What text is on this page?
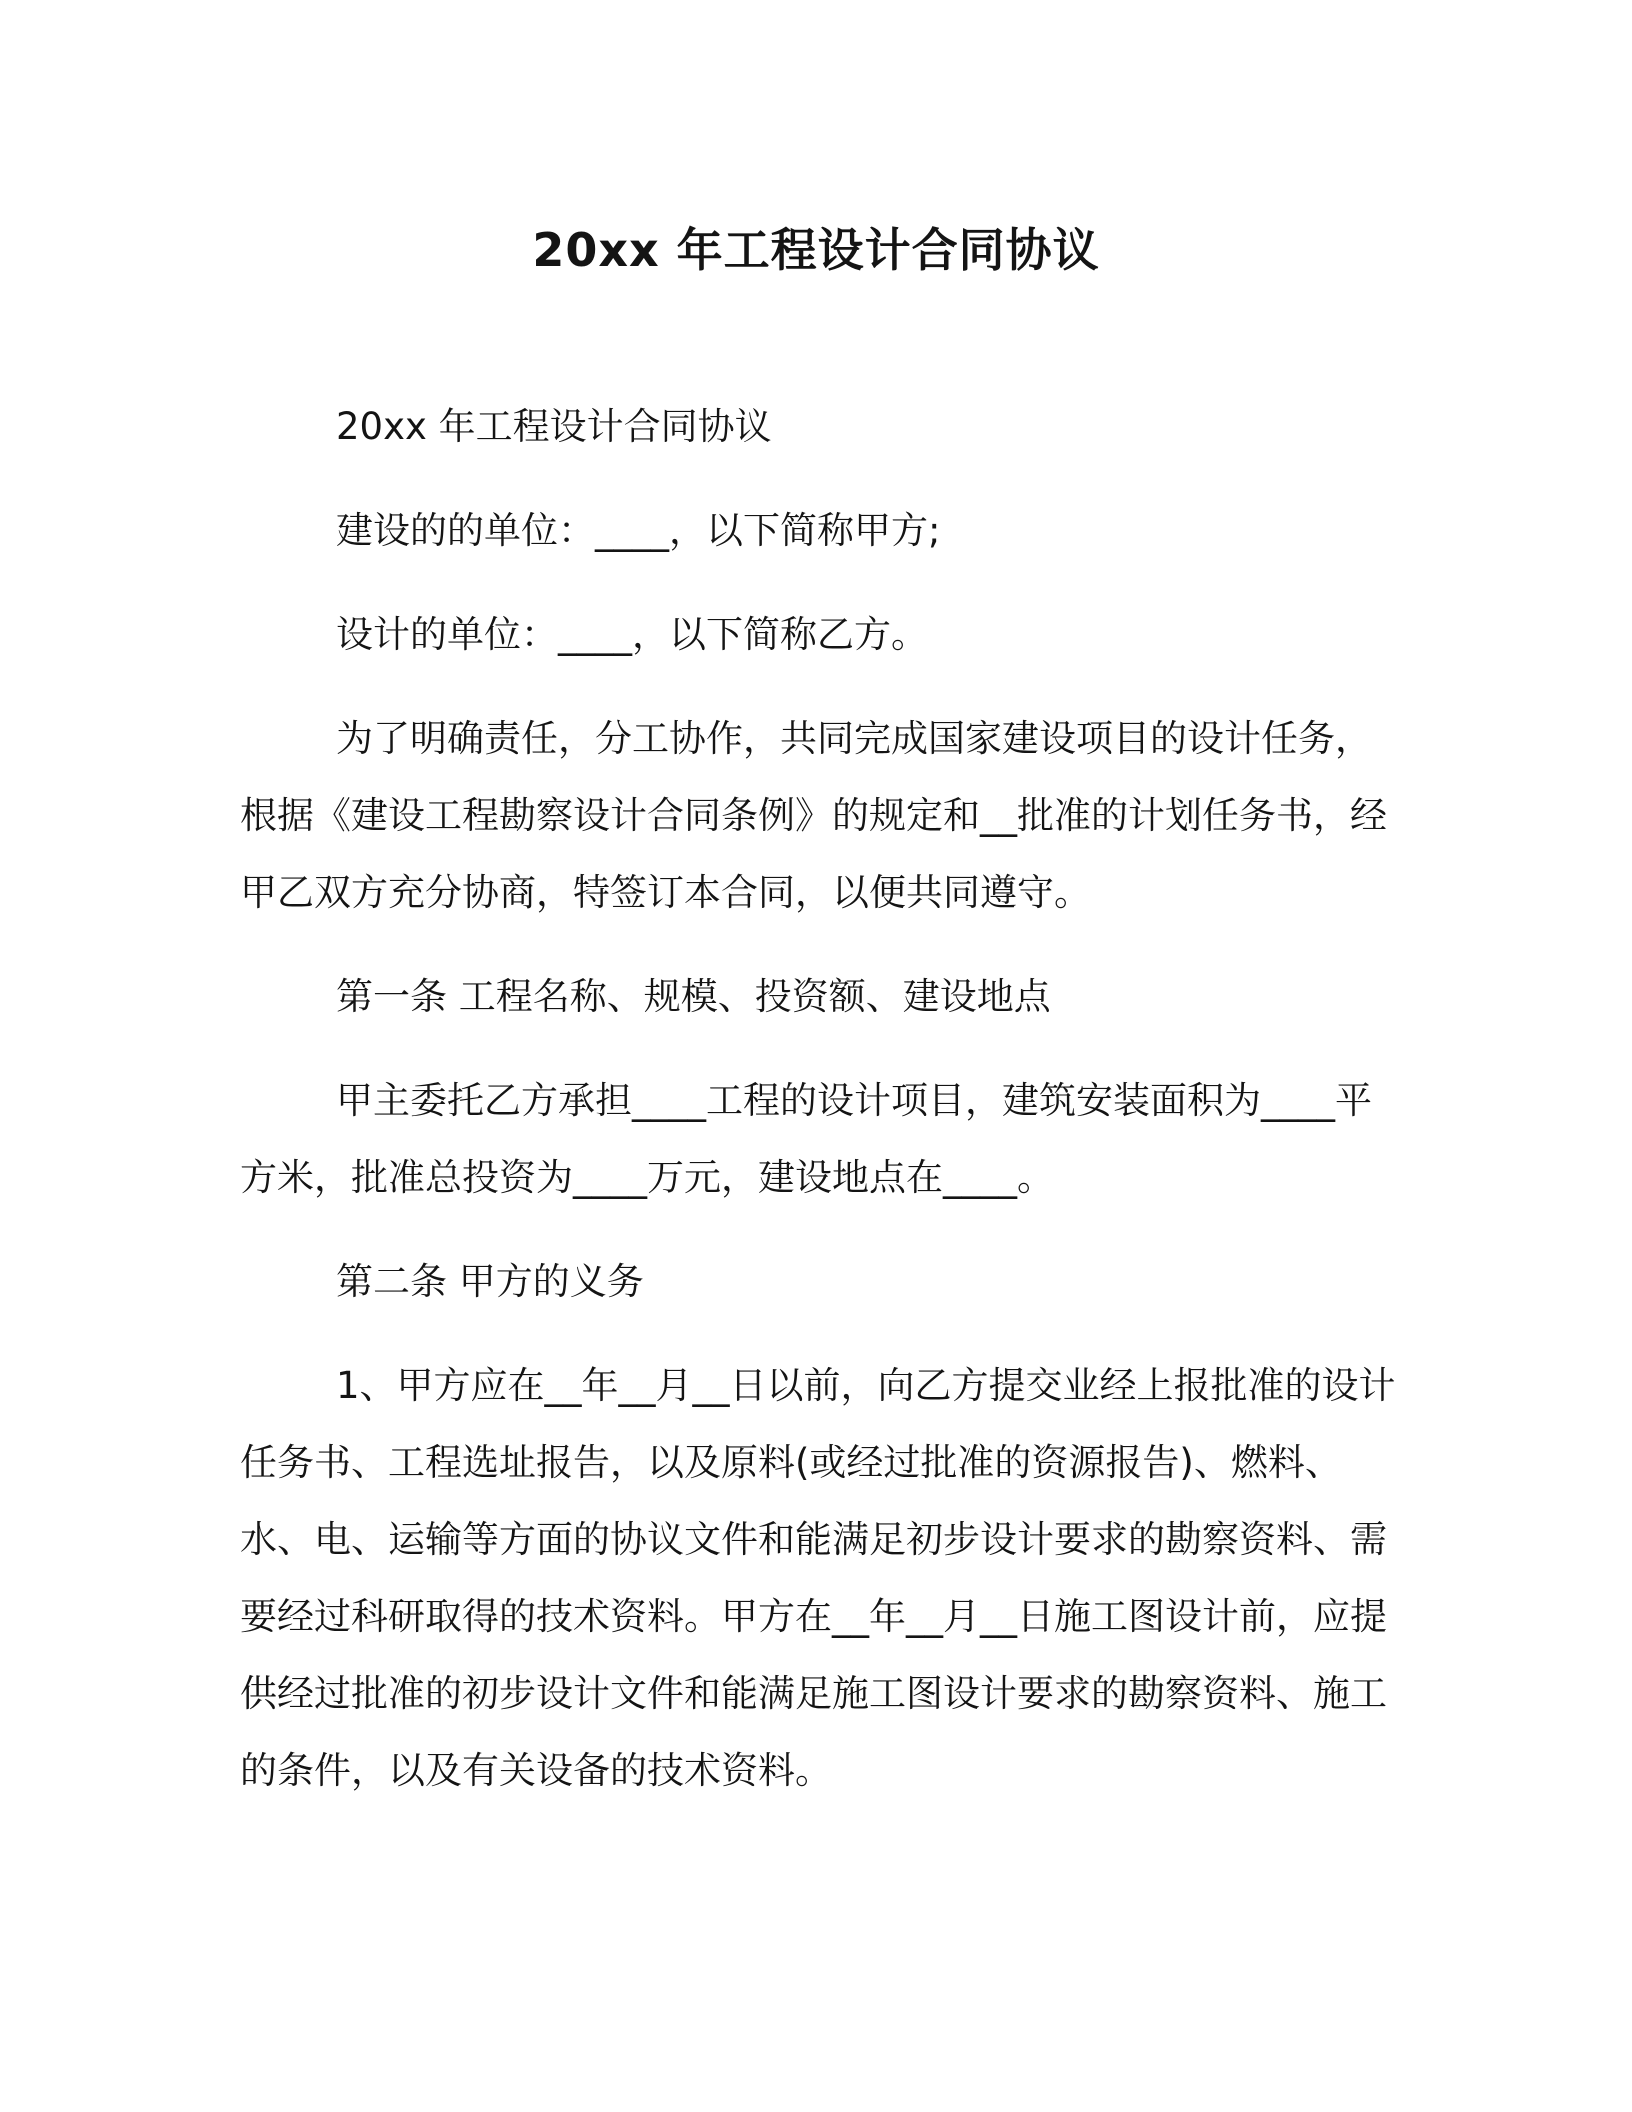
20xx 年工程设计合同协议

20xx 年工程设计合同协议

建设的的单位：____，以下简称甲方;

设计的单位：____，以下简称乙方。

为了明确责任，分工协作，共同完成国家建设项目的设计任务，根据《建设工程勘察设计合同条例》的规定和__批准的计划任务书，经甲乙双方充分协商，特签订本合同，以便共同遵守。

第一条 工程名称、规模、投资额、建设地点

甲主委托乙方承担____工程的设计项目，建筑安装面积为____平方米，批准总投资为____万元，建设地点在____。

第二条 甲方的义务

1、甲方应在__年__月__日以前，向乙方提交业经上报批准的设计任务书、工程选址报告，以及原料(或经过批准的资源报告)、燃料、水、电、运输等方面的协议文件和能满足初步设计要求的勘察资料、需要经过科研取得的技术资料。甲方在__年__月__日施工图设计前，应提供经过批准的初步设计文件和能满足施工图设计要求的勘察资料、施工的条件，以及有关设备的技术资料。
